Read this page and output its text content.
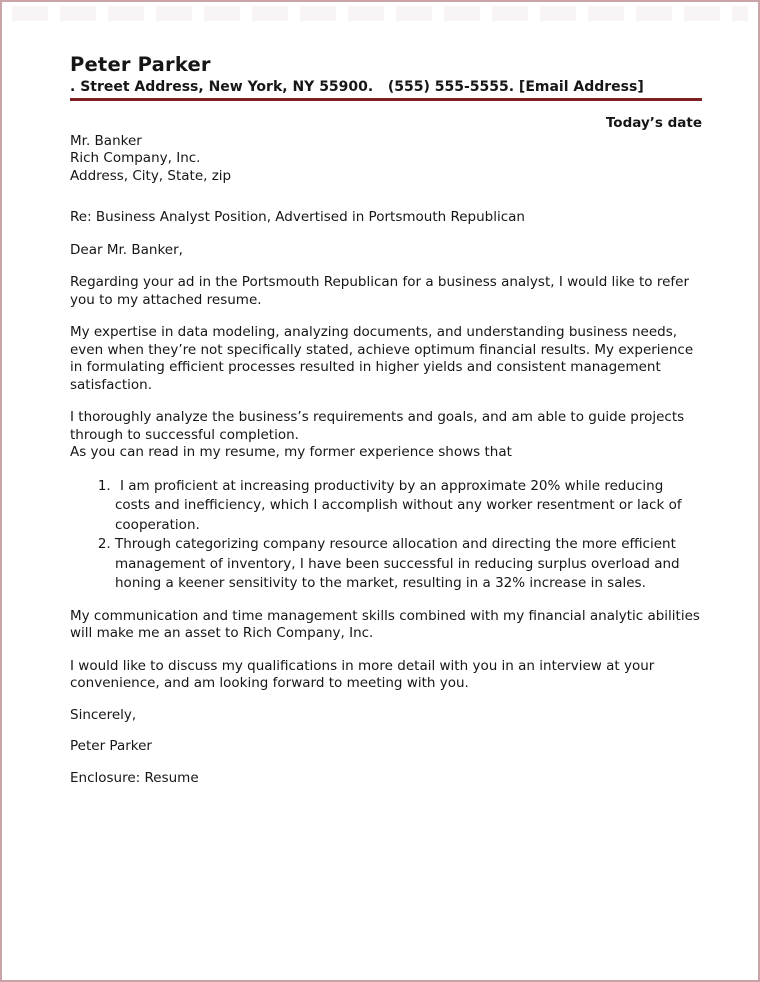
Peter Parker
. Street Address, New York, NY 55900.   (555) 555-5555. [Email Address]
Today’s date
Mr. Banker
Rich Company, Inc.
Address, City, State, zip
Re: Business Analyst Position, Advertised in Portsmouth Republican
Dear Mr. Banker,
Regarding your ad in the Portsmouth Republican for a business analyst, I would like to refer you to my attached resume.
My expertise in data modeling, analyzing documents, and understanding business needs, even when they’re not specifically stated, achieve optimum financial results. My experience in formulating efficient processes resulted in higher yields and consistent management satisfaction.
I thoroughly analyze the business’s requirements and goals, and am able to guide projects through to successful completion.
As you can read in my resume, my former experience shows that
1. I am proficient at increasing productivity by an approximate 20% while reducing costs and inefficiency, which I accomplish without any worker resentment or lack of cooperation.
2. Through categorizing company resource allocation and directing the more efficient management of inventory, I have been successful in reducing surplus overload and honing a keener sensitivity to the market, resulting in a 32% increase in sales.
My communication and time management skills combined with my financial analytic abilities will make me an asset to Rich Company, Inc.
I would like to discuss my qualifications in more detail with you in an interview at your convenience, and am looking forward to meeting with you.
Sincerely,
Peter Parker
Enclosure: Resume
